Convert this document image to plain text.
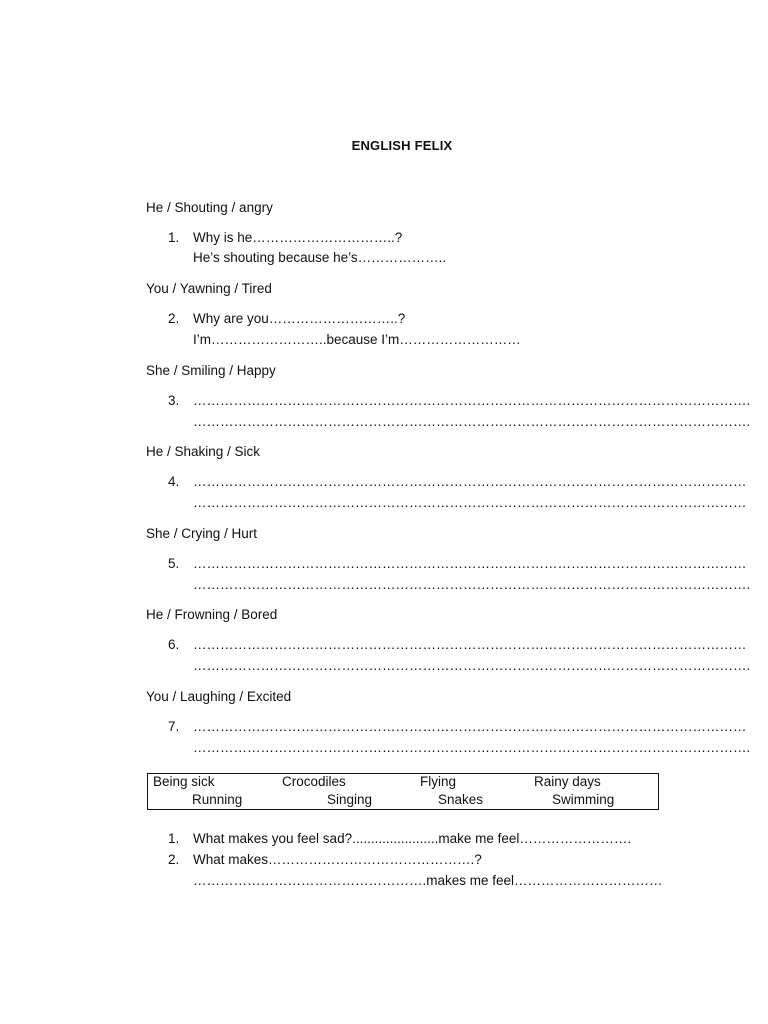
ENGLISH FELIX
He / Shouting / angry
1. Why is he…………………………..?
He’s shouting because he’s………………..
You / Yawning / Tired
2. Why are you………………………..?
I’m……………………..because I’m………………………
She / Smiling / Happy
3. …………………………………………………………………………………………………………….
…………………………………………………………………………………………………………….
He / Shaking / Sick
4. ……………………………………………………………………………………………………………
……………………………………………………………………………………………………………
She / Crying / Hurt
5. ……………………………………………………………………………………………………………
…………………………………………………………………………………………………………….
He / Frowning / Bored
6. ……………………………………………………………………………………………………………
…………………………………………………………………………………………………………….
You / Laughing / Excited
7. ……………………………………………………………………………………………………………
…………………………………………………………………………………………………………….
Being sick	Crocodiles	Flying	Rainy days
Running	Singing	Snakes	Swimming
1. What makes you feel sad?.......................make me feel…………………….
2. What makes……………………………………….?
…………………………………………….makes me feel……………………………
